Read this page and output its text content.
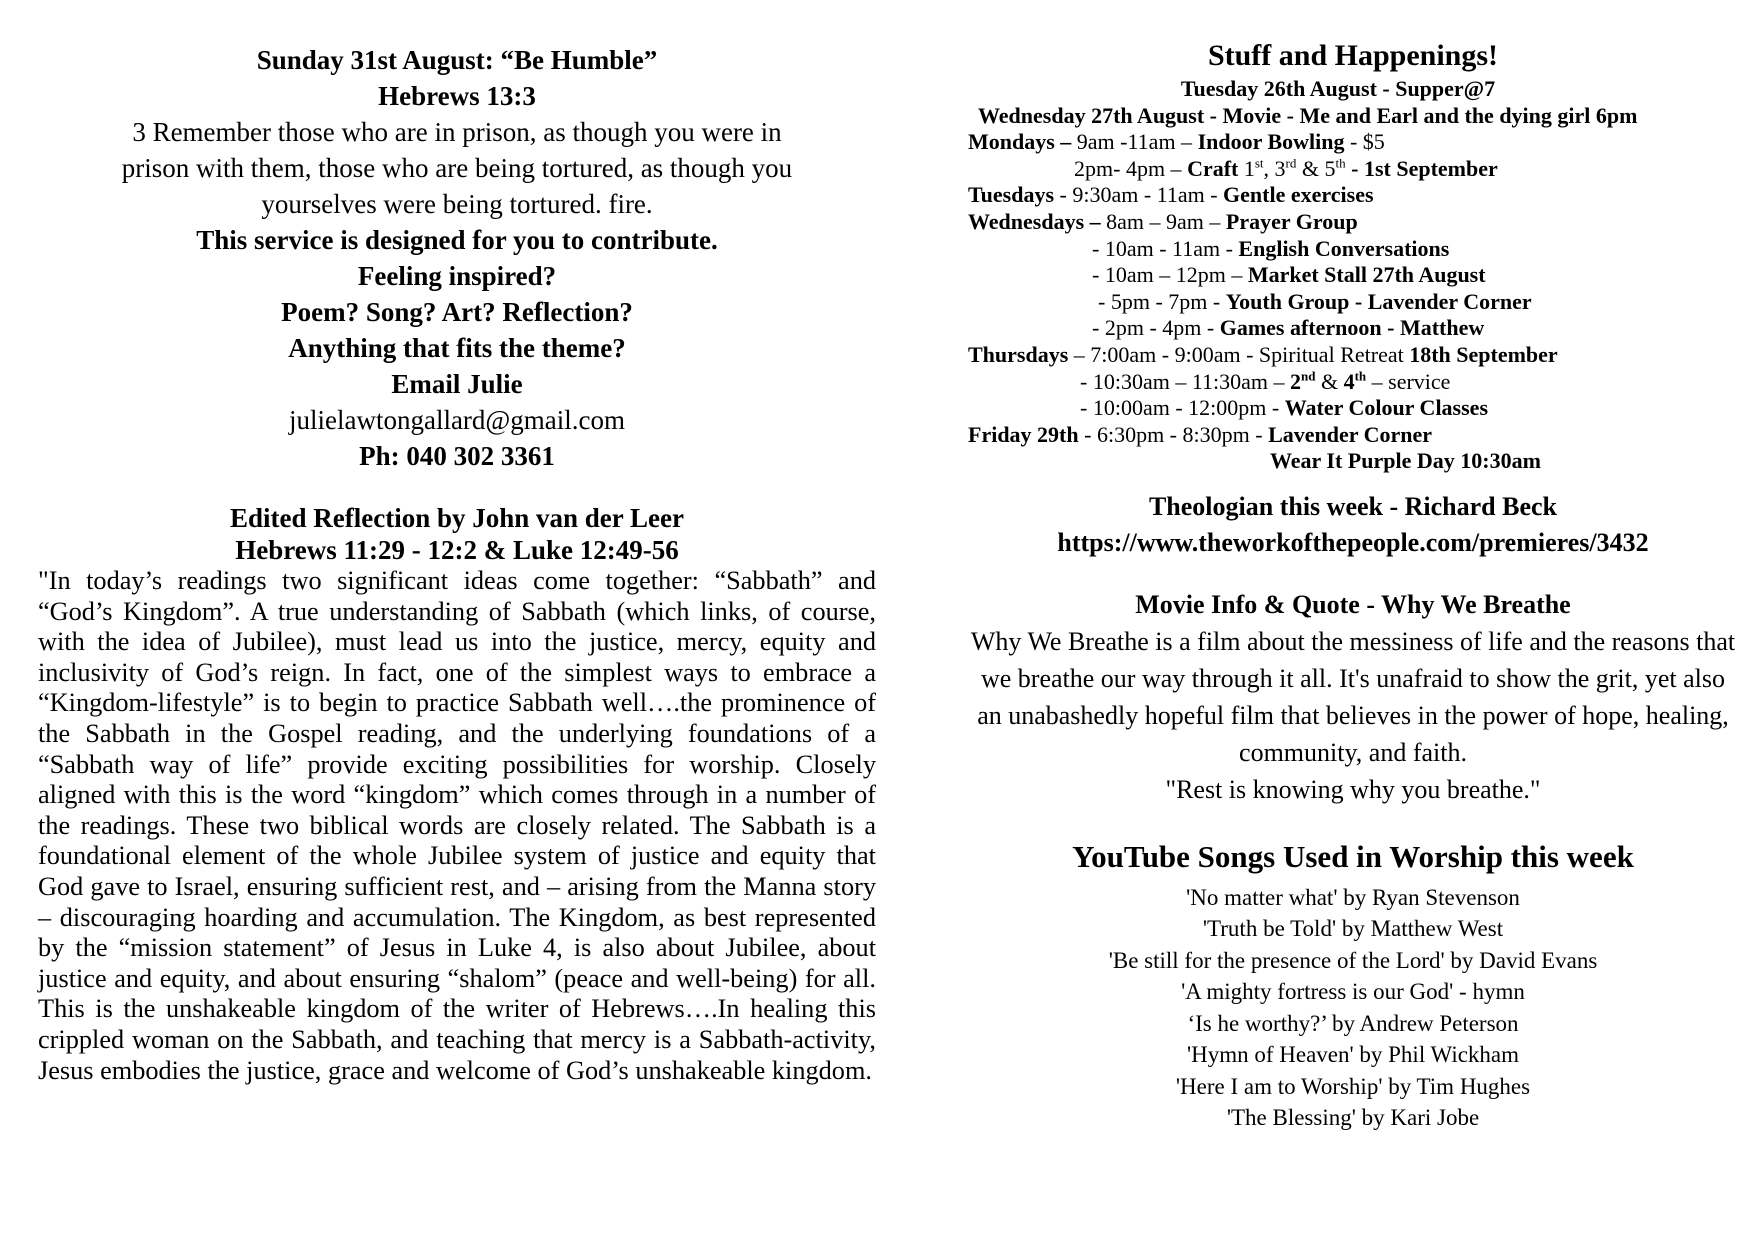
Sunday 31st August: “Be Humble”
Hebrews 13:3
3 Remember those who are in prison, as though you were in prison with them, those who are being tortured, as though you yourselves were being tortured. fire.
This service is designed for you to contribute.
Feeling inspired?
Poem? Song? Art? Reflection?
Anything that fits the theme?
Email Julie
julielawtongallard@gmail.com
Ph: 040 302 3361
Edited Reflection by John van der Leer
Hebrews 11:29 - 12:2 & Luke 12:49-56

"In today’s readings two significant ideas come together: “Sabbath” and “God’s Kingdom”. A true understanding of Sabbath (which links, of course, with the idea of Jubilee), must lead us into the justice, mercy, equity and inclusivity of God’s reign. In fact, one of the simplest ways to embrace a “Kingdom-lifestyle” is to begin to practice Sabbath well….the prominence of the Sabbath in the Gospel reading, and the underlying foundations of a “Sabbath way of life” provide exciting possibilities for worship. Closely aligned with this is the word “kingdom” which comes through in a number of the readings. These two biblical words are closely related. The Sabbath is a foundational element of the whole Jubilee system of justice and equity that God gave to Israel, ensuring sufficient rest, and – arising from the Manna story – discouraging hoarding and accumulation. The Kingdom, as best represented by the “mission statement” of Jesus in Luke 4, is also about Jubilee, about justice and equity, and about ensuring “shalom” (peace and well-being) for all. This is the unshakeable kingdom of the writer of Hebrews….In healing this crippled woman on the Sabbath, and teaching that mercy is a Sabbath-activity, Jesus embodies the justice, grace and welcome of God’s unshakeable kingdom.

Stuff and Happenings!
Tuesday 26th August - Supper@7
Wednesday 27th August - Movie - Me and Earl and the dying girl 6pm
Mondays – 9am -11am – Indoor Bowling - $5
2pm- 4pm – Craft 1st, 3rd & 5th - 1st September
Tuesdays - 9:30am - 11am - Gentle exercises
Wednesdays – 8am – 9am – Prayer Group
- 10am - 11am - English Conversations
- 10am – 12pm – Market Stall 27th August
- 5pm - 7pm - Youth Group - Lavender Corner
- 2pm - 4pm - Games afternoon - Matthew
Thursdays – 7:00am - 9:00am - Spiritual Retreat 18th September
- 10:30am – 11:30am – 2nd & 4th – service
- 10:00am - 12:00pm - Water Colour Classes
Friday 29th - 6:30pm - 8:30pm - Lavender Corner
Wear It Purple Day 10:30am
Theologian this week - Richard Beck
https://www.theworkofthepeople.com/premieres/3432
Movie Info & Quote - Why We Breathe
Why We Breathe is a film about the messiness of life and the reasons that we breathe our way through it all. It's unafraid to show the grit, yet also an unabashedly hopeful film that believes in the power of hope, healing, community, and faith.
"Rest is knowing why you breathe."
YouTube Songs Used in Worship this week
'No matter what' by Ryan Stevenson
'Truth be Told' by Matthew West
'Be still for the presence of the Lord' by David Evans
'A mighty fortress is our God' - hymn
‘Is he worthy?’ by Andrew Peterson
'Hymn of Heaven' by Phil Wickham
'Here I am to Worship' by Tim Hughes
'The Blessing' by Kari Jobe
